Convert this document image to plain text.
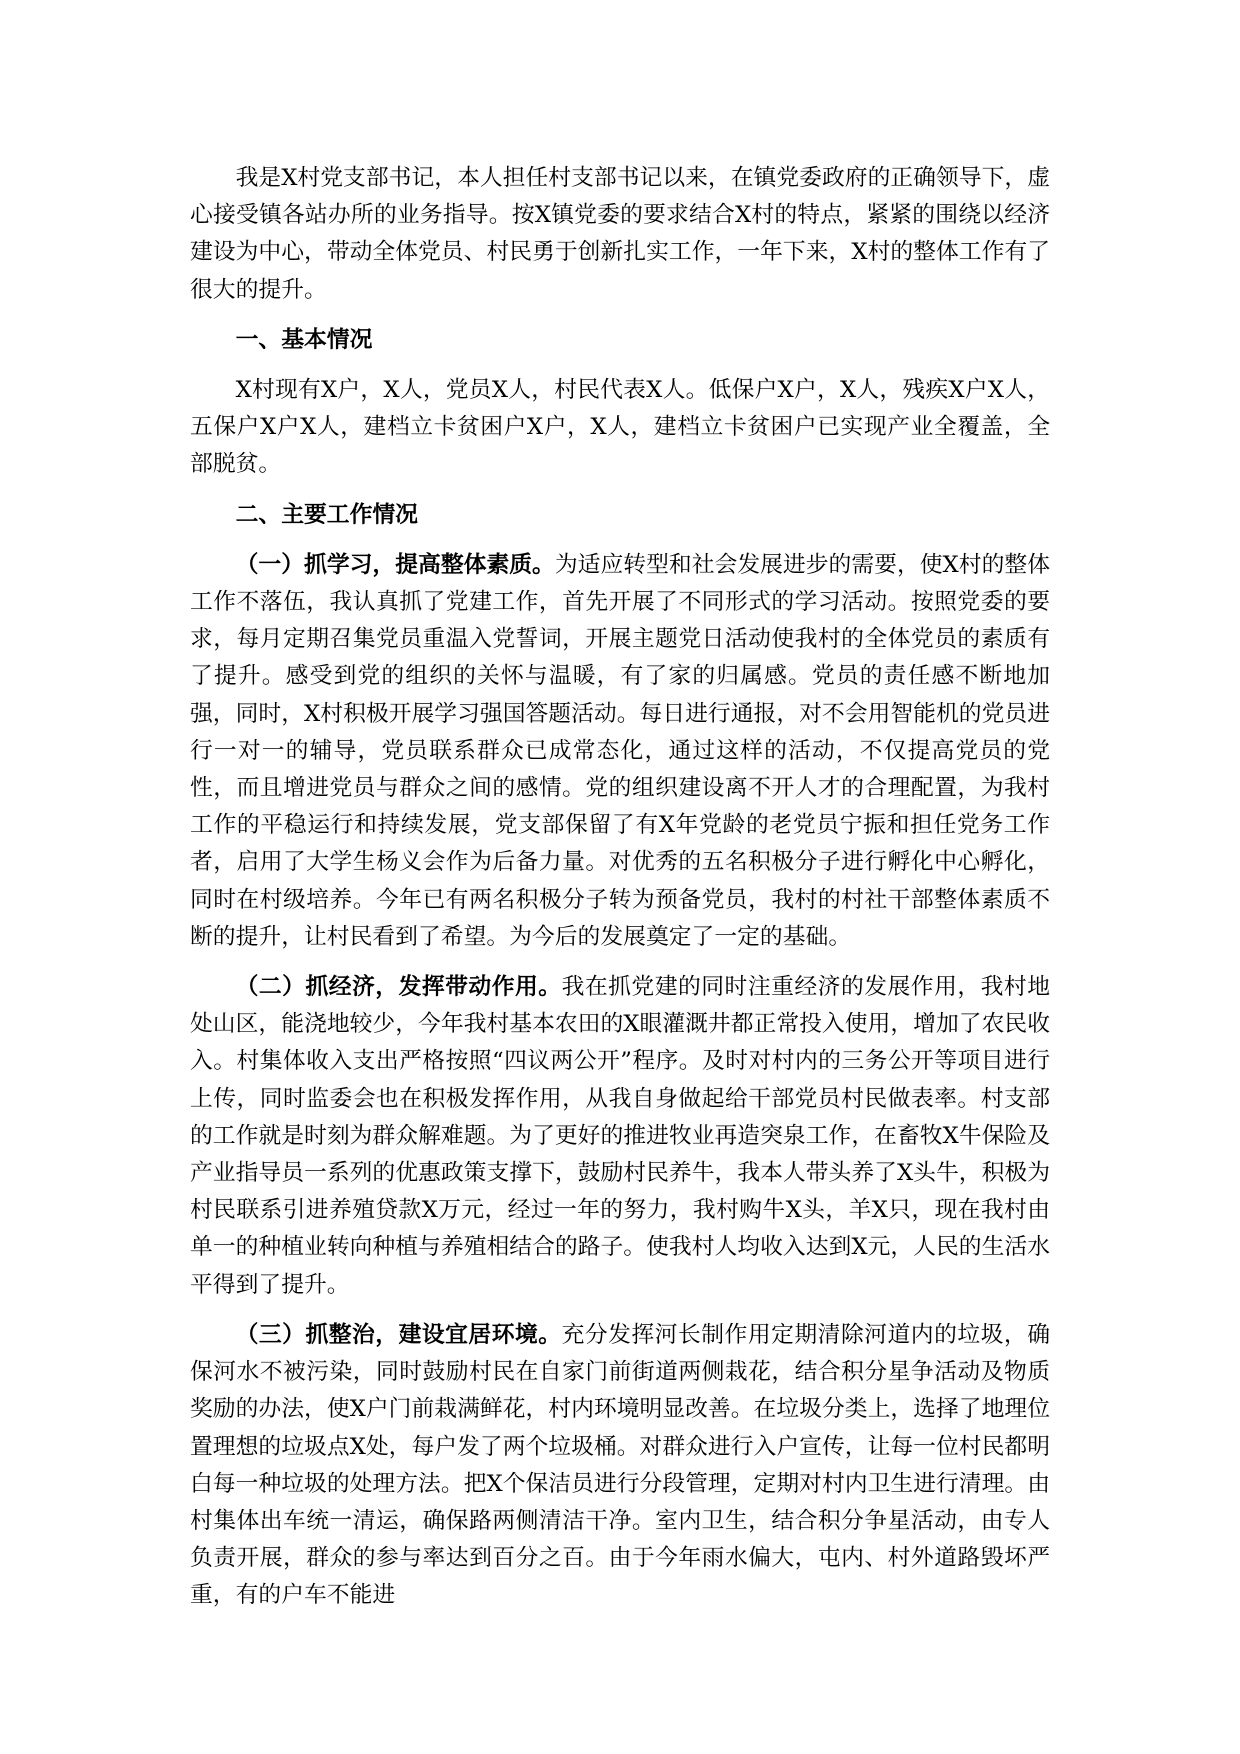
我是X村党支部书记，本人担任村支部书记以来，在镇党委政府的正确领导下，虚心接受镇各站办所的业务指导。按X镇党委的要求结合X村的特点，紧紧的围绕以经济建设为中心，带动全体党员、村民勇于创新扎实工作，一年下来，X村的整体工作有了很大的提升。

一、基本情况

X村现有X户，X人，党员X人，村民代表X人。低保户X户，X人，残疾X户X人，五保户X户X人，建档立卡贫困户X户，X人，建档立卡贫困户已实现产业全覆盖，全部脱贫。

二、主要工作情况

（一）抓学习，提高整体素质。为适应转型和社会发展进步的需要，使X村的整体工作不落伍，我认真抓了党建工作，首先开展了不同形式的学习活动。按照党委的要求，每月定期召集党员重温入党誓词，开展主题党日活动使我村的全体党员的素质有了提升。感受到党的组织的关怀与温暖，有了家的归属感。党员的责任感不断地加强，同时，X村积极开展学习强国答题活动。每日进行通报，对不会用智能机的党员进行一对一的辅导，党员联系群众已成常态化，通过这样的活动，不仅提高党员的党性，而且增进党员与群众之间的感情。党的组织建设离不开人才的合理配置，为我村工作的平稳运行和持续发展，党支部保留了有X年党龄的老党员宁振和担任党务工作者，启用了大学生杨义会作为后备力量。对优秀的五名积极分子进行孵化中心孵化，同时在村级培养。今年已有两名积极分子转为预备党员，我村的村社干部整体素质不断的提升，让村民看到了希望。为今后的发展奠定了一定的基础。

（二）抓经济，发挥带动作用。我在抓党建的同时注重经济的发展作用，我村地处山区，能浇地较少，今年我村基本农田的X眼灌溉井都正常投入使用，增加了农民收入。村集体收入支出严格按照“四议两公开”程序。及时对村内的三务公开等项目进行上传，同时监委会也在积极发挥作用，从我自身做起给干部党员村民做表率。村支部的工作就是时刻为群众解难题。为了更好的推进牧业再造突泉工作，在畜牧X牛保险及产业指导员一系列的优惠政策支撑下，鼓励村民养牛，我本人带头养了X头牛，积极为村民联系引进养殖贷款X万元，经过一年的努力，我村购牛X头，羊X只，现在我村由单一的种植业转向种植与养殖相结合的路子。使我村人均收入达到X元，人民的生活水平得到了提升。

（三）抓整治，建设宜居环境。充分发挥河长制作用定期清除河道内的垃圾，确保河水不被污染，同时鼓励村民在自家门前街道两侧栽花，结合积分星争活动及物质奖励的办法，使X户门前栽满鲜花，村内环境明显改善。在垃圾分类上，选择了地理位置理想的垃圾点X处，每户发了两个垃圾桶。对群众进行入户宣传，让每一位村民都明白每一种垃圾的处理方法。把X个保洁员进行分段管理，定期对村内卫生进行清理。由村集体出车统一清运，确保路两侧清洁干净。室内卫生，结合积分争星活动，由专人负责开展，群众的参与率达到百分之百。由于今年雨水偏大，屯内、村外道路毁坏严重，有的户车不能进
